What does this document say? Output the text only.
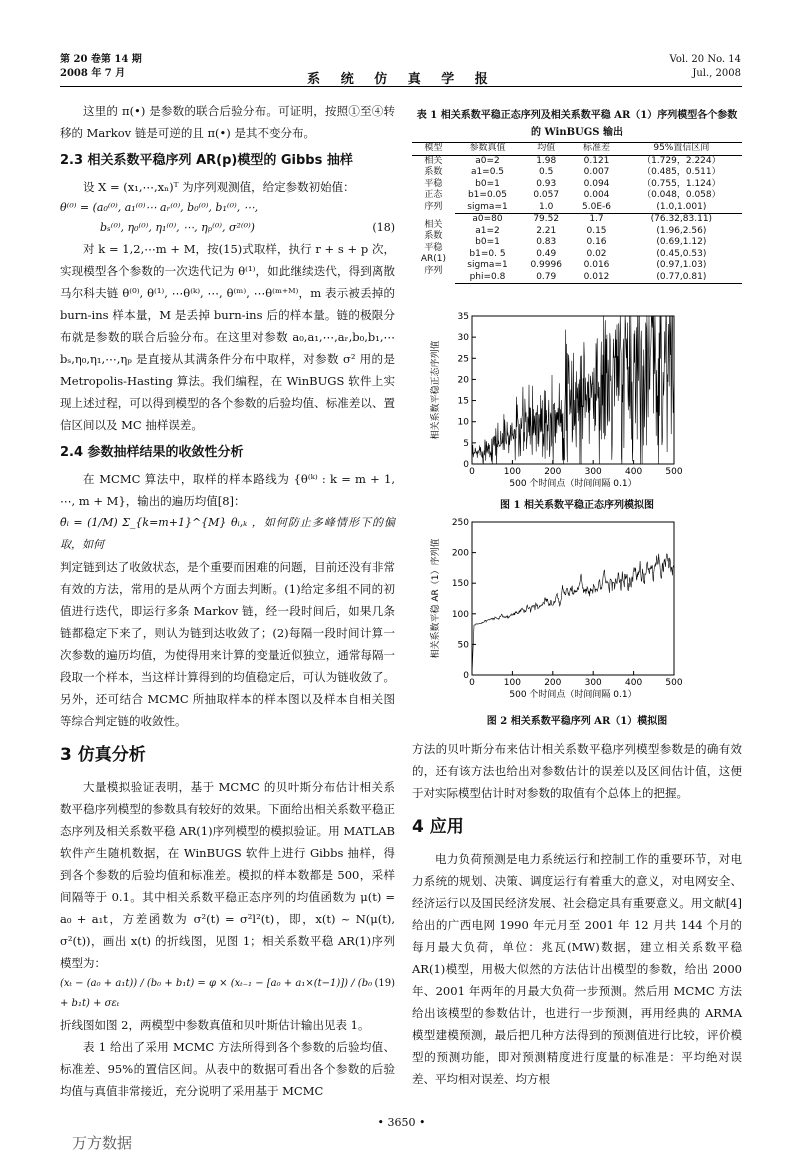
第 20 卷第 14 期
2008 年 7 月
Vol. 20 No. 14
Jul., 2008
系 统 仿 真 学 报

这里的 π(•) 是参数的联合后验分布。可证明，按照①至④转移的 Markov 链是可逆的且 π(•) 是其不变分布。

2.3 相关系数平稳序列 AR(p)模型的 Gibbs 抽样

设 X = (x₁,⋯,xₙ)ᵀ 为序列观测值，给定参数初始值：

θ⁽⁰⁾ = (a₀⁽⁰⁾, a₁⁽⁰⁾⋯ aᵣ⁽⁰⁾, b₀⁽⁰⁾, b₁⁽⁰⁾, ⋯,
bₛ⁽⁰⁾, η₀⁽⁰⁾, η₁⁽⁰⁾, ⋯, ηₚ⁽⁰⁾, σ²⁽⁰⁾)	(18)

对 k = 1,2,⋯m + M，按(15)式取样，执行 r + s + p 次，实现模型各个参数的一次迭代记为 θ⁽¹⁾，如此继续迭代，得到离散马尔科夫链 θ⁽⁰⁾, θ⁽¹⁾, ⋯θ⁽ᵏ⁾, ⋯, θ⁽ᵐ⁾, ⋯θ⁽ᵐ⁺ᴹ⁾，m 表示被丢掉的 burn-ins 样本量，M 是丢掉 burn-ins 后的样本量。链的极限分布就是参数的联合后验分布。在这里对参数 a₀,a₁,⋯,aᵣ,b₀,b₁,⋯bₛ,η₀,η₁,⋯,ηₚ 是直接从其满条件分布中取样，对参数 σ² 用的是 Metropolis-Hasting 算法。我们编程，在 WinBUGS 软件上实现上述过程，可以得到模型的各个参数的后验均值、标准差以、置信区间以及 MC 抽样误差。

2.4 参数抽样结果的收敛性分析

在 MCMC 算法中，取样的样本路线为 {θ⁽ᵏ⁾ : k = m + 1, ⋯, m + M}，输出的遍历均值[8]：

θ̄ᵢ = (1/M) Σ_{k=m+1}^{M} θᵢ,ₖ ，如何防止多峰情形下的偏取，如何

判定链到达了收敛状态，是个重要而困难的问题，目前还没有非常有效的方法，常用的是从两个方面去判断。(1)给定多组不同的初值进行迭代，即运行多条 Markov 链，经一段时间后，如果几条链都稳定下来了，则认为链到达收敛了；(2)每隔一段时间计算一次参数的遍历均值，为使得用来计算的变量近似独立，通常每隔一段取一个样本，当这样计算得到的均值稳定后，可认为链收敛了。另外，还可结合 MCMC 所抽取样本的样本图以及样本自相关图等综合判定链的收敛性。

3 仿真分析

大量模拟验证表明，基于 MCMC 的贝叶斯分布估计相关系数平稳序列模型的参数具有较好的效果。下面给出相关系数平稳正态序列及相关系数平稳 AR(1)序列模型的模拟验证。用 MATLAB 软件产生随机数据，在 WinBUGS 软件上进行 Gibbs 抽样，得到各个参数的后验均值和标准差。模拟的样本数都是 500，采样间隔等于 0.1。其中相关系数平稳正态序列的均值函数为 μ(t) = a₀ + a₁t，方差函数为 σ²(t) = σ²l²(t)，即，x(t) ~ N(μ(t), σ²(t))，画出 x(t) 的折线图，见图 1；相关系数平稳 AR(1)序列模型为：

(xₜ − (a₀ + a₁t)) / (b₀ + b₁t) = φ × (xₜ₋₁ − [a₀ + a₁×(t−1)]) / (b₀ + b₁t) + σεₜ
(19)

折线图如图 2，两模型中参数真值和贝叶斯估计输出见表 1。

表 1 给出了采用 MCMC 方法所得到各个参数的后验均值、标准差、95%的置信区间。从表中的数据可看出各个参数的后验均值与真值非常接近，充分说明了采用基于 MCMC

表 1 相关系数平稳正态序列及相关系数平稳 AR（1）序列模型各个参数的 WinBUGS 输出
模型	参数真值	均值	标准差	95%置信区间

相关
系数
平稳
正态
序列	a0=2	1.98	0.121	（1.729，2.224）
	a1=0.5	0.5	0.007	（0.485，0.511）
	b0=1	0.93	0.094	（0.755，1.124）
	b1=0.05	0.057	0.004	（0.048，0.058）
	sigma=1	1.0	5.0E-6	(1.0,1.001)

相关
系数
平稳
AR(1)
序列	a0=80	79.52	1.7	(76.32,83.11)
	a1=2	2.21	0.15	(1.96,2.56)
	b0=1	0.83	0.16	(0.69,1.12)
	b1=0. 5	0.49	0.02	(0.45,0.53)
	sigma=1	0.9996	0.016	(0.97,1.03)
	phi=0.8	0.79	0.012	(0.77,0.81)
0
5
10
15
20
25
30
35
0	100	200	300	400	500
500 个时间点（时间间隔 0.1）
相关系数平稳正态序列值
图 1 相关系数平稳正态序列模拟图
0
50
100
150
200
250
0	100	200	300	400	500
500 个时间点（时间间隔 0.1）
相关系数平稳 AR（1）序列值
图 2 相关系数平稳序列 AR（1）模拟图

方法的贝叶斯分布来估计相关系数平稳序列模型参数是的确有效的，还有该方法也给出对参数估计的误差以及区间估计值，这便于对实际模型估计时对参数的取值有个总体上的把握。

4 应用

电力负荷预测是电力系统运行和控制工作的重要环节，对电力系统的规划、决策、调度运行有着重大的意义，对电网安全、经济运行以及国民经济发展、社会稳定具有重要意义。用文献[4]给出的广西电网 1990 年元月至 2001 年 12 月共 144 个月的每月最大负荷，单位：兆瓦(MW)数据，建立相关系数平稳 AR(1)模型，用极大似然的方法估计出模型的参数，给出 2000 年、2001 年两年的月最大负荷一步预测。然后用 MCMC 方法给出该模型的参数估计，也进行一步预测，再用经典的 ARMA 模型建模预测，最后把几种方法得到的预测值进行比较，评价模型的预测功能，即对预测精度进行度量的标准是：平均绝对误差、平均相对误差、均方根

• 3650 •
万方数据
